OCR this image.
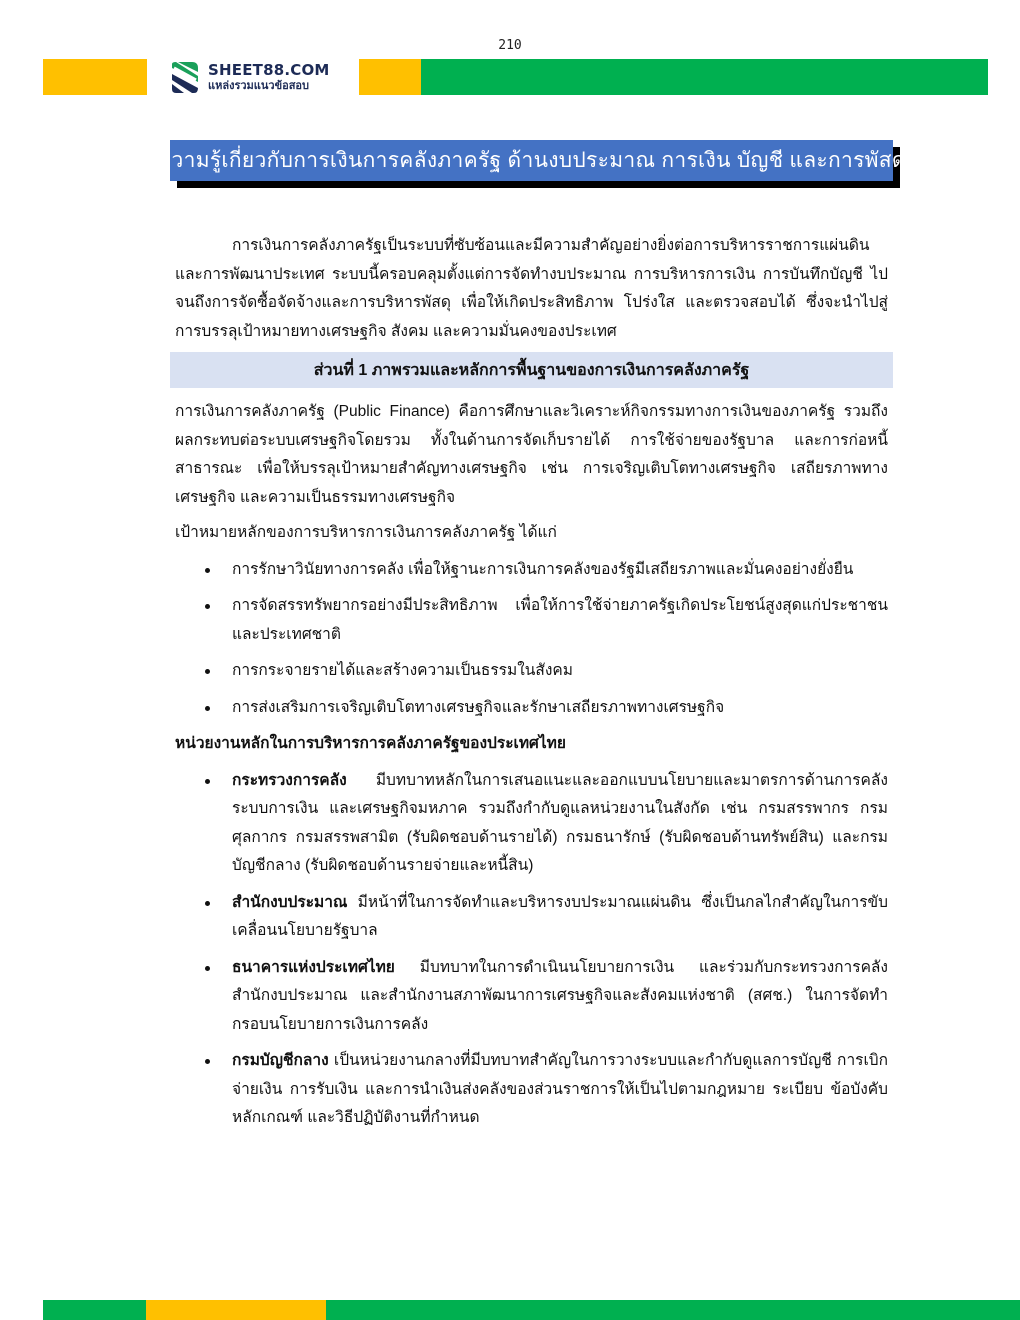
210
SHEET88.COM
แหล่งรวมแนวข้อสอบ
ความรู้เกี่ยวกับการเงินการคลังภาครัฐ ด้านงบประมาณ การเงิน บัญชี และการพัสดุ

การเงินการคลังภาครัฐเป็นระบบที่ซับซ้อนและมีความสำคัญอย่างยิ่งต่อการบริหารราชการแผ่นดินและการพัฒนาประเทศ ระบบนี้ครอบคลุมตั้งแต่การจัดทำงบประมาณ การบริหารการเงิน การบันทึกบัญชี ไปจนถึงการจัดซื้อจัดจ้างและการบริหารพัสดุ เพื่อให้เกิดประสิทธิภาพ โปร่งใส และตรวจสอบได้ ซึ่งจะนำไปสู่การบรรลุเป้าหมายทางเศรษฐกิจ สังคม และความมั่นคงของประเทศ

ส่วนที่ 1 ภาพรวมและหลักการพื้นฐานของการเงินการคลังภาครัฐ

การเงินการคลังภาครัฐ (Public Finance) คือการศึกษาและวิเคราะห์กิจกรรมทางการเงินของภาครัฐ รวมถึงผลกระทบต่อระบบเศรษฐกิจโดยรวม ทั้งในด้านการจัดเก็บรายได้ การใช้จ่ายของรัฐบาล และการก่อหนี้สาธารณะ เพื่อให้บรรลุเป้าหมายสำคัญทางเศรษฐกิจ เช่น การเจริญเติบโตทางเศรษฐกิจ เสถียรภาพทางเศรษฐกิจ และความเป็นธรรมทางเศรษฐกิจ

เป้าหมายหลักของการบริหารการเงินการคลังภาครัฐ ได้แก่

การรักษาวินัยทางการคลัง เพื่อให้ฐานะการเงินการคลังของรัฐมีเสถียรภาพและมั่นคงอย่างยั่งยืน
การจัดสรรทรัพยากรอย่างมีประสิทธิภาพ เพื่อให้การใช้จ่ายภาครัฐเกิดประโยชน์สูงสุดแก่ประชาชนและประเทศชาติ
การกระจายรายได้และสร้างความเป็นธรรมในสังคม
การส่งเสริมการเจริญเติบโตทางเศรษฐกิจและรักษาเสถียรภาพทางเศรษฐกิจ

หน่วยงานหลักในการบริหารการคลังภาครัฐของประเทศไทย

กระทรวงการคลัง มีบทบาทหลักในการเสนอแนะและออกแบบนโยบายและมาตรการด้านการคลัง ระบบการเงิน และเศรษฐกิจมหภาค รวมถึงกำกับดูแลหน่วยงานในสังกัด เช่น กรมสรรพากร กรมศุลกากร กรมสรรพสามิต (รับผิดชอบด้านรายได้) กรมธนารักษ์ (รับผิดชอบด้านทรัพย์สิน) และกรมบัญชีกลาง (รับผิดชอบด้านรายจ่ายและหนี้สิน)
สำนักงบประมาณ มีหน้าที่ในการจัดทำและบริหารงบประมาณแผ่นดิน ซึ่งเป็นกลไกสำคัญในการขับเคลื่อนนโยบายรัฐบาล
ธนาคารแห่งประเทศไทย มีบทบาทในการดำเนินนโยบายการเงิน และร่วมกับกระทรวงการคลัง สำนักงบประมาณ และสำนักงานสภาพัฒนาการเศรษฐกิจและสังคมแห่งชาติ (สศช.) ในการจัดทำกรอบนโยบายการเงินการคลัง
กรมบัญชีกลาง เป็นหน่วยงานกลางที่มีบทบาทสำคัญในการวางระบบและกำกับดูแลการบัญชี การเบิกจ่ายเงิน การรับเงิน และการนำเงินส่งคลังของส่วนราชการให้เป็นไปตามกฎหมาย ระเบียบ ข้อบังคับ หลักเกณฑ์ และวิธีปฏิบัติงานที่กำหนด
